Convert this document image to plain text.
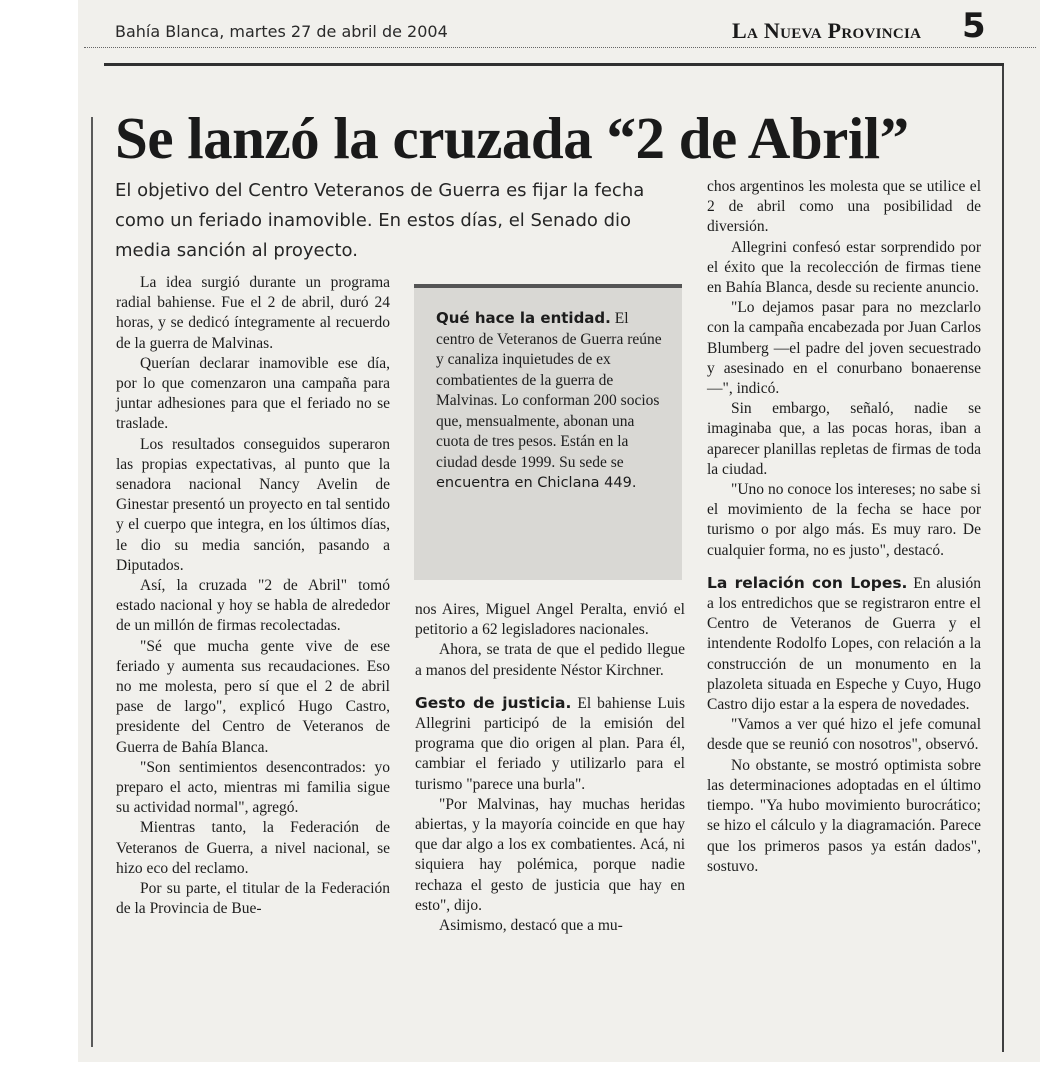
Bahía Blanca, martes 27 de abril de 2004	La Nueva Provincia 5
Se lanzó la cruzada “2 de Abril”
El objetivo del Centro Veteranos de Guerra es fijar la fecha como un feriado inamovible. En estos días, el Senado dio media sanción al proyecto.

La idea surgió durante un programa radial bahiense. Fue el 2 de abril, duró 24 horas, y se dedicó íntegramente al recuerdo de la guerra de Malvinas.

Querían declarar inamovible ese día, por lo que comenzaron una campaña para juntar adhesiones para que el feriado no se traslade.

Los resultados conseguidos superaron las propias expectativas, al punto que la senadora nacional Nancy Avelin de Ginestar presentó un proyecto en tal sentido y el cuerpo que integra, en los últimos días, le dio su media sanción, pasando a Diputados.

Así, la cruzada "2 de Abril" tomó estado nacional y hoy se habla de alrededor de un millón de firmas recolectadas.

"Sé que mucha gente vive de ese feriado y aumenta sus recaudaciones. Eso no me molesta, pero sí que el 2 de abril pase de largo", explicó Hugo Castro, presidente del Centro de Veteranos de Guerra de Bahía Blanca.

"Son sentimientos desencontrados: yo preparo el acto, mientras mi familia sigue su actividad normal", agregó.

Mientras tanto, la Federación de Veteranos de Guerra, a nivel nacional, se hizo eco del reclamo.

Por su parte, el titular de la Federación de la Provincia de Bue-

Qué hace la entidad. El centro de Veteranos de Guerra reúne y canaliza inquietudes de ex combatientes de la guerra de Malvinas. Lo conforman 200 socios que, mensualmente, abonan una cuota de tres pesos. Están en la ciudad desde 1999. Su sede se encuentra en Chiclana 449.

nos Aires, Miguel Angel Peralta, envió el petitorio a 62 legisladores nacionales.

Ahora, se trata de que el pedido llegue a manos del presidente Néstor Kirchner.

Gesto de justicia. El bahiense Luis Allegrini participó de la emisión del programa que dio origen al plan. Para él, cambiar el feriado y utilizarlo para el turismo "parece una burla".

"Por Malvinas, hay muchas heridas abiertas, y la mayoría coincide en que hay que dar algo a los ex combatientes. Acá, ni siquiera hay polémica, porque nadie rechaza el gesto de justicia que hay en esto", dijo.

Asimismo, destacó que a mu-

chos argentinos les molesta que se utilice el 2 de abril como una posibilidad de diversión.

Allegrini confesó estar sorprendido por el éxito que la recolección de firmas tiene en Bahía Blanca, desde su reciente anuncio.

"Lo dejamos pasar para no mezclarlo con la campaña encabezada por Juan Carlos Blumberg —el padre del joven secuestrado y asesinado en el conurbano bonaerense—", indicó.

Sin embargo, señaló, nadie se imaginaba que, a las pocas horas, iban a aparecer planillas repletas de firmas de toda la ciudad.

"Uno no conoce los intereses; no sabe si el movimiento de la fecha se hace por turismo o por algo más. Es muy raro. De cualquier forma, no es justo", destacó.

La relación con Lopes. En alusión a los entredichos que se registraron entre el Centro de Veteranos de Guerra y el intendente Rodolfo Lopes, con relación a la construcción de un monumento en la plazoleta situada en Espeche y Cuyo, Hugo Castro dijo estar a la espera de novedades.

"Vamos a ver qué hizo el jefe comunal desde que se reunió con nosotros", observó.

No obstante, se mostró optimista sobre las determinaciones adoptadas en el último tiempo. "Ya hubo movimiento burocrático; se hizo el cálculo y la diagramación. Parece que los primeros pasos ya están dados", sostuvo.
